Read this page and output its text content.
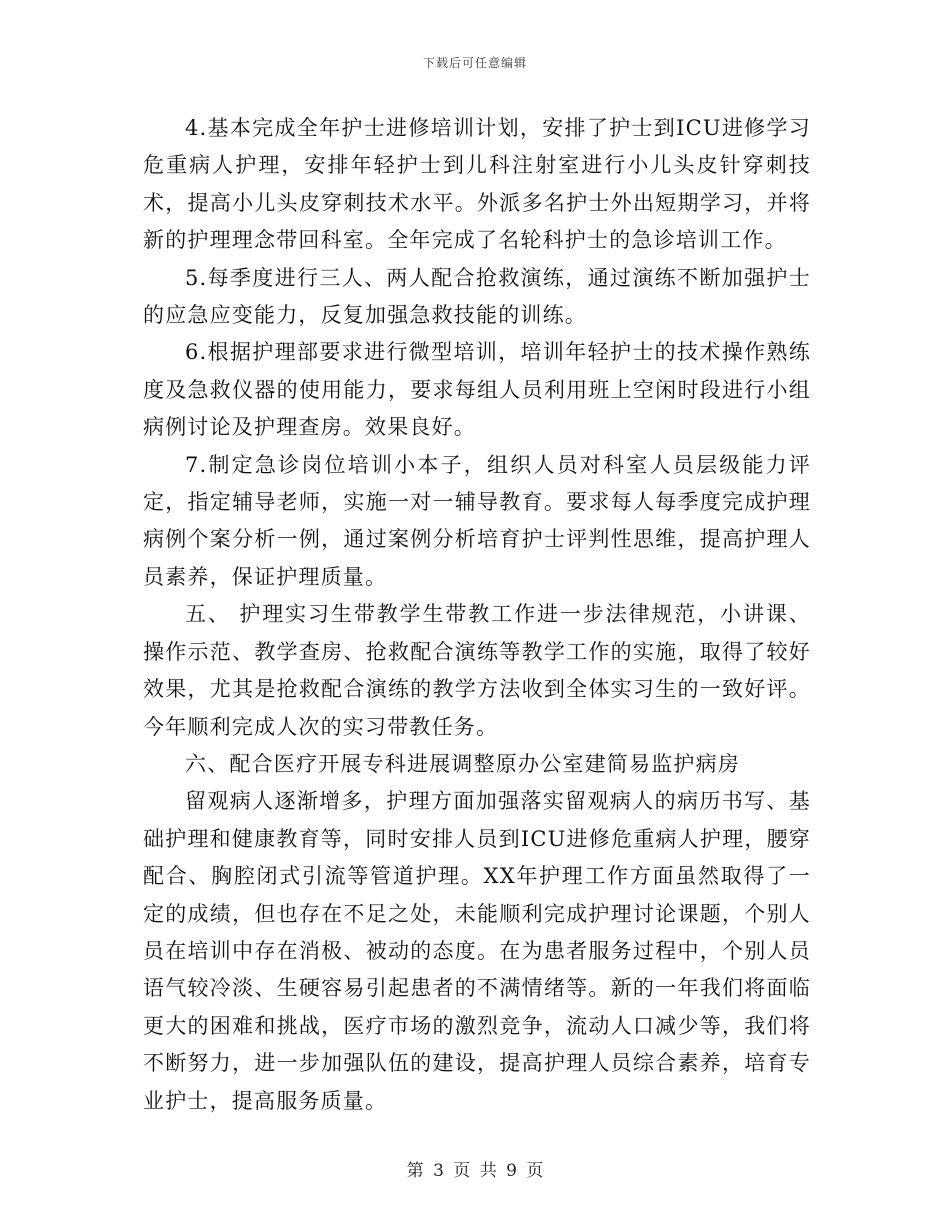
下载后可任意编辑

4.基本完成全年护士进修培训计划，安排了护士到ICU进修学习危重病人护理，安排年轻护士到儿科注射室进行小儿头皮针穿刺技术，提高小儿头皮穿刺技术水平。外派多名护士外出短期学习，并将新的护理理念带回科室。全年完成了名轮科护士的急诊培训工作。

5.每季度进行三人、两人配合抢救演练，通过演练不断加强护士的应急应变能力，反复加强急救技能的训练。

6.根据护理部要求进行微型培训，培训年轻护士的技术操作熟练度及急救仪器的使用能力，要求每组人员利用班上空闲时段进行小组病例讨论及护理查房。效果良好。

7.制定急诊岗位培训小本子，组织人员对科室人员层级能力评定，指定辅导老师，实施一对一辅导教育。要求每人每季度完成护理病例个案分析一例，通过案例分析培育护士评判性思维，提高护理人员素养，保证护理质量。

五、 护理实习生带教学生带教工作进一步法律规范，小讲课、操作示范、教学查房、抢救配合演练等教学工作的实施，取得了较好效果，尤其是抢救配合演练的教学方法收到全体实习生的一致好评。今年顺利完成人次的实习带教任务。

六、配合医疗开展专科进展调整原办公室建简易监护病房

留观病人逐渐增多，护理方面加强落实留观病人的病历书写、基础护理和健康教育等，同时安排人员到ICU进修危重病人护理，腰穿配合、胸腔闭式引流等管道护理。XX年护理工作方面虽然取得了一定的成绩，但也存在不足之处，未能顺利完成护理讨论课题，个别人员在培训中存在消极、被动的态度。在为患者服务过程中，个别人员语气较冷淡、生硬容易引起患者的不满情绪等。新的一年我们将面临更大的困难和挑战，医疗市场的激烈竞争，流动人口减少等，我们将不断努力，进一步加强队伍的建设，提高护理人员综合素养，培育专业护士，提高服务质量。

第 3 页 共 9 页
